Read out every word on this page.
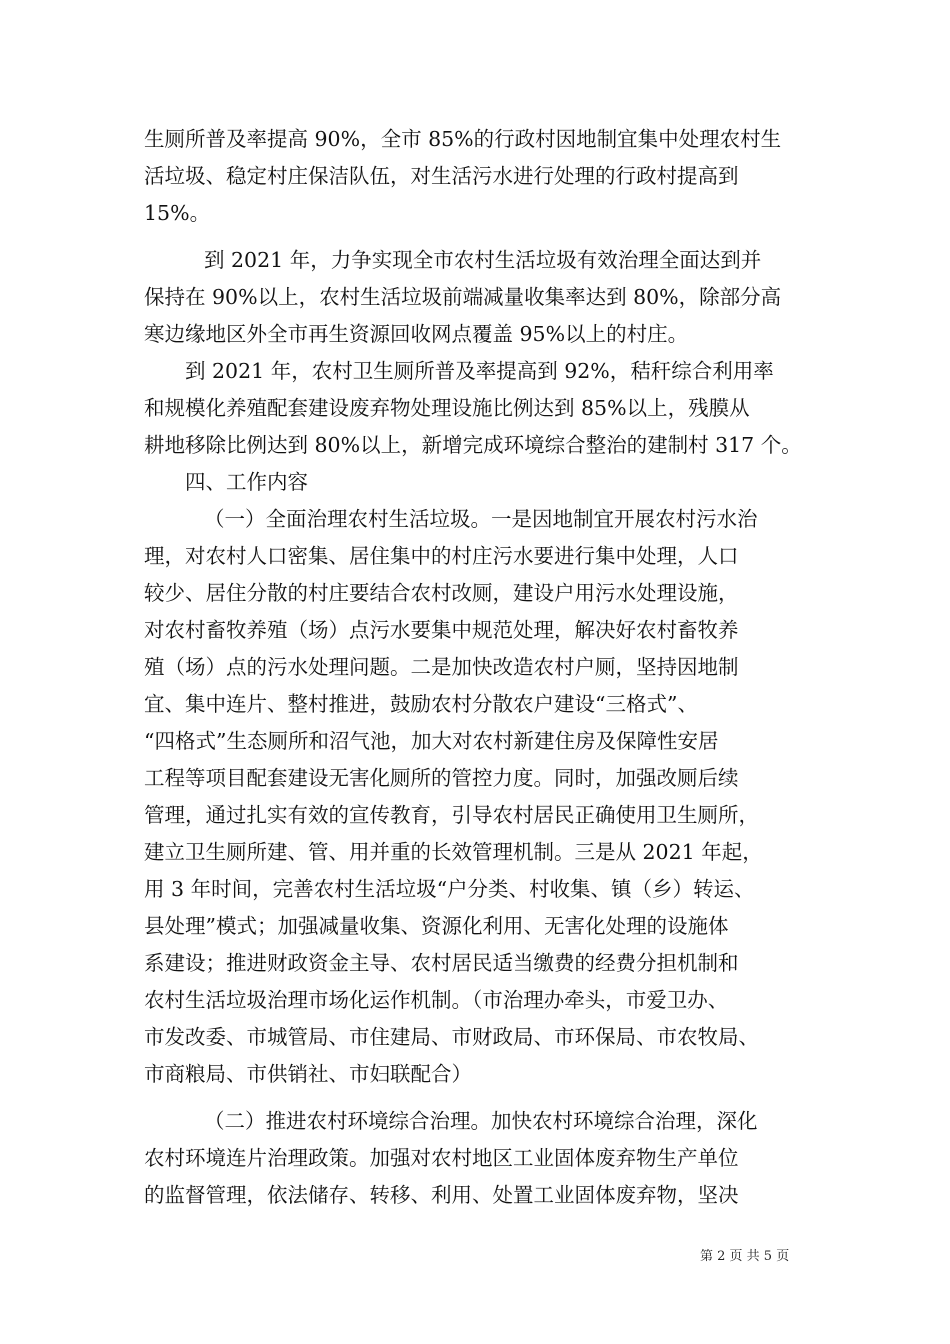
生厕所普及率提高 90%，全市 85%的行政村因地制宜集中处理农村生
活垃圾、稳定村庄保洁队伍，对生活污水进行处理的行政村提高到
15%。
到 2021 年，力争实现全市农村生活垃圾有效治理全面达到并
保持在 90%以上，农村生活垃圾前端减量收集率达到 80%，除部分高
寒边缘地区外全市再生资源回收网点覆盖 95%以上的村庄。
到 2021 年，农村卫生厕所普及率提高到 92%，秸秆综合利用率
和规模化养殖配套建设废弃物处理设施比例达到 85%以上，残膜从
耕地移除比例达到 80%以上，新增完成环境综合整治的建制村 317 个。
四、工作内容
（一）全面治理农村生活垃圾。一是因地制宜开展农村污水治
理，对农村人口密集、居住集中的村庄污水要进行集中处理，人口
较少、居住分散的村庄要结合农村改厕，建设户用污水处理设施，
对农村畜牧养殖（场）点污水要集中规范处理，解决好农村畜牧养
殖（场）点的污水处理问题。二是加快改造农村户厕，坚持因地制
宜、集中连片、整村推进，鼓励农村分散农户建设“三格式”、
“四格式”生态厕所和沼气池，加大对农村新建住房及保障性安居
工程等项目配套建设无害化厕所的管控力度。同时，加强改厕后续
管理，通过扎实有效的宣传教育，引导农村居民正确使用卫生厕所，
建立卫生厕所建、管、用并重的长效管理机制。三是从 2021 年起，
用 3 年时间，完善农村生活垃圾“户分类、村收集、镇（乡）转运、
县处理”模式；加强减量收集、资源化利用、无害化处理的设施体
系建设；推进财政资金主导、农村居民适当缴费的经费分担机制和
农村生活垃圾治理市场化运作机制。（市治理办牵头，市爱卫办、
市发改委、市城管局、市住建局、市财政局、市环保局、市农牧局、
市商粮局、市供销社、市妇联配合）
（二）推进农村环境综合治理。加快农村环境综合治理，深化
农村环境连片治理政策。加强对农村地区工业固体废弃物生产单位
的监督管理，依法储存、转移、利用、处置工业固体废弃物，坚决
第 2 页 共 5 页
